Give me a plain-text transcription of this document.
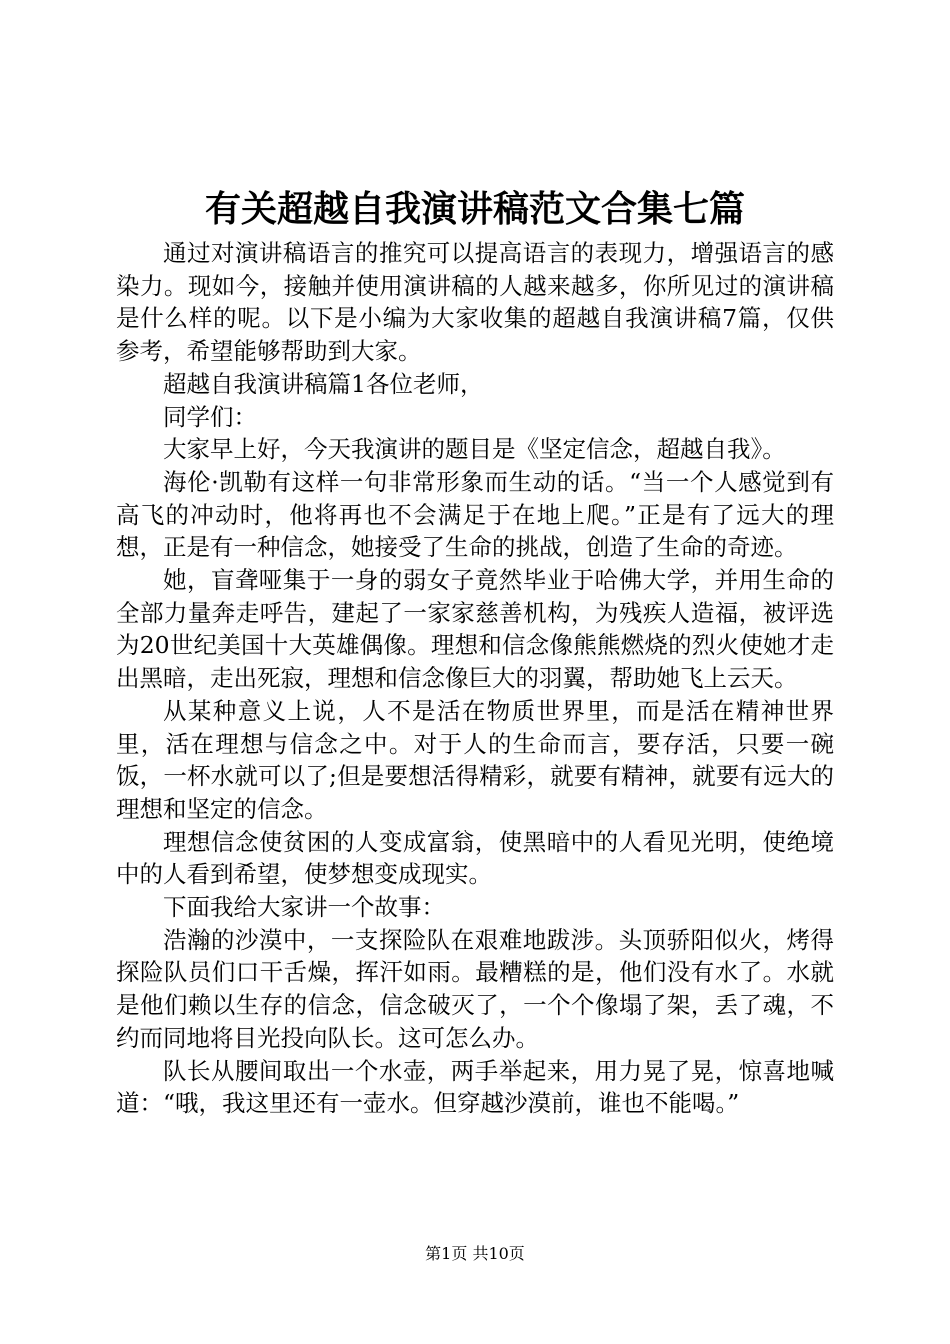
有关超越自我演讲稿范文合集七篇

通过对演讲稿语言的推究可以提高语言的表现力，增强语言的感染力。现如今，接触并使用演讲稿的人越来越多，你所见过的演讲稿是什么样的呢。以下是小编为大家收集的超越自我演讲稿7篇，仅供参考，希望能够帮助到大家。

超越自我演讲稿篇1各位老师，

同学们：

大家早上好，今天我演讲的题目是《坚定信念，超越自我》。

海伦·凯勒有这样一句非常形象而生动的话。“当一个人感觉到有高飞的冲动时，他将再也不会满足于在地上爬。”正是有了远大的理想，正是有一种信念，她接受了生命的挑战，创造了生命的奇迹。

她，盲聋哑集于一身的弱女子竟然毕业于哈佛大学，并用生命的全部力量奔走呼告，建起了一家家慈善机构，为残疾人造福，被评选为20世纪美国十大英雄偶像。理想和信念像熊熊燃烧的烈火使她才走出黑暗，走出死寂，理想和信念像巨大的羽翼，帮助她飞上云天。

从某种意义上说，人不是活在物质世界里，而是活在精神世界里，活在理想与信念之中。对于人的生命而言，要存活，只要一碗饭，一杯水就可以了;但是要想活得精彩，就要有精神，就要有远大的理想和坚定的信念。

理想信念使贫困的人变成富翁，使黑暗中的人看见光明，使绝境中的人看到希望，使梦想变成现实。

下面我给大家讲一个故事：

浩瀚的沙漠中，一支探险队在艰难地跋涉。头顶骄阳似火，烤得探险队员们口干舌燥，挥汗如雨。最糟糕的是，他们没有水了。水就是他们赖以生存的信念，信念破灭了，一个个像塌了架，丢了魂，不约而同地将目光投向队长。这可怎么办。

队长从腰间取出一个水壶，两手举起来，用力晃了晃，惊喜地喊道：“哦，我这里还有一壶水。但穿越沙漠前，谁也不能喝。”

第1页 共10页
